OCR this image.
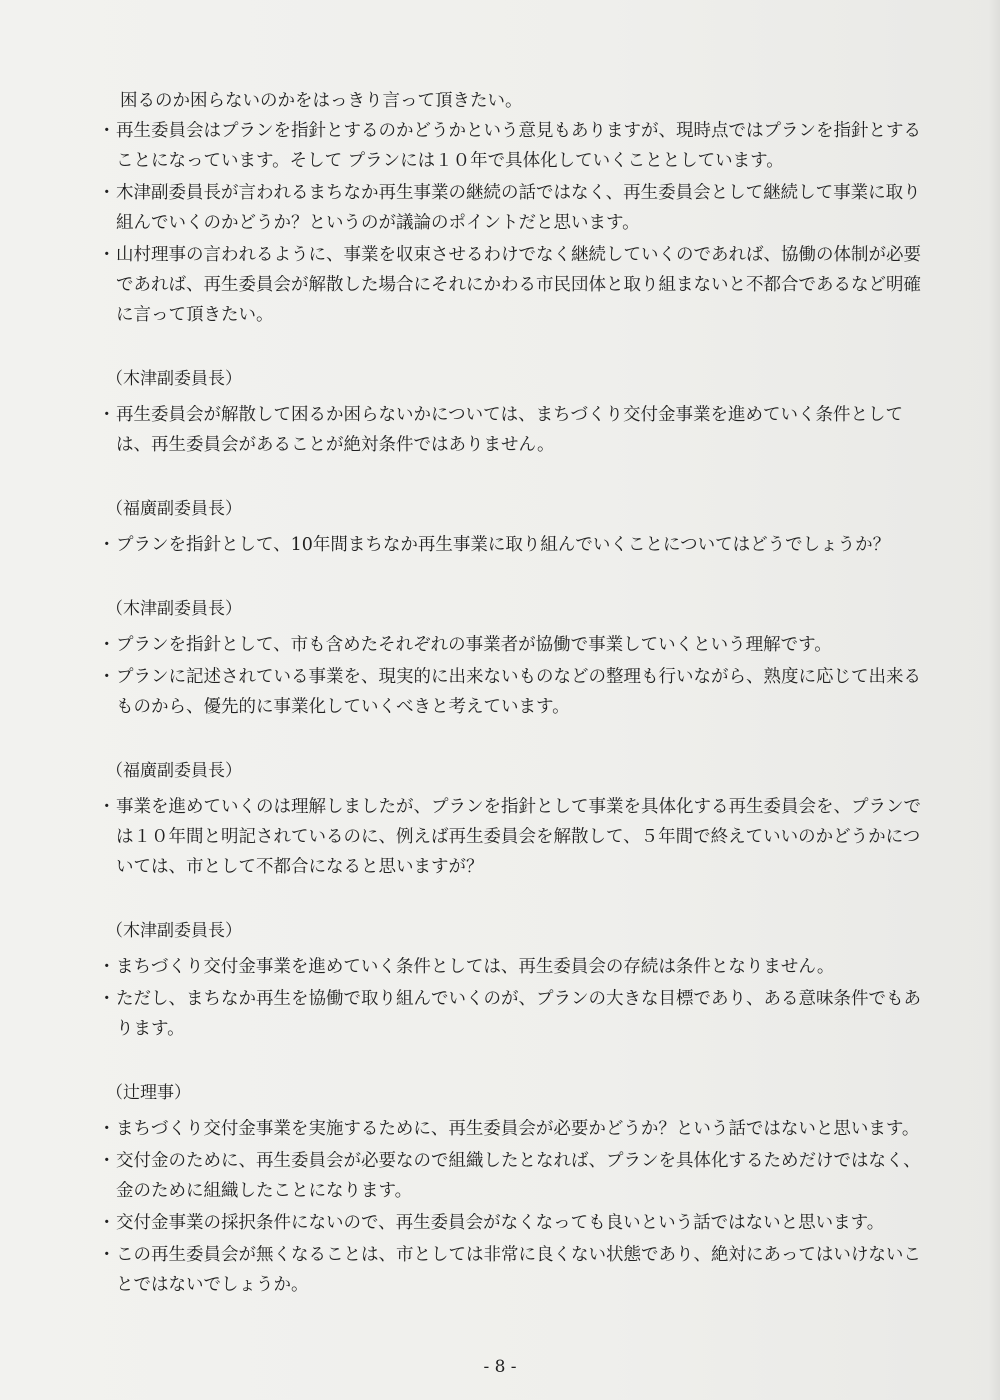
困るのか困らないのかをはっきり言って頂きたい。
・ 再生委員会はプランを指針とするのかどうかという意見もありますが、現時点ではプランを指針とすることになっています。そして プランには１０年で具体化していくこととしています。
・ 木津副委員長が言われるまちなか再生事業の継続の話ではなく、再生委員会として継続して事業に取り組んでいくのかどうか？というのが議論のポイントだと思います。
・ 山村理事の言われるように、事業を収束させるわけでなく継続していくのであれば、協働の体制が必要であれば、再生委員会が解散した場合にそれにかわる市民団体と取り組まないと不都合であるなど明確に言って頂きたい。
（木津副委員長）
・ 再生委員会が解散して困るか困らないかについては、まちづくり交付金事業を進めていく条件としては、再生委員会があることが絶対条件ではありません。
（福廣副委員長）
・ プランを指針として、10年間まちなか再生事業に取り組んでいくことについてはどうでしょうか？
（木津副委員長）
・ プランを指針として、市も含めたそれぞれの事業者が協働で事業していくという理解です。
・ プランに記述されている事業を、現実的に出来ないものなどの整理も行いながら、熟度に応じて出来るものから、優先的に事業化していくべきと考えています。
（福廣副委員長）
・ 事業を進めていくのは理解しましたが、プランを指針として事業を具体化する再生委員会を、プランでは１０年間と明記されているのに、例えば再生委員会を解散して、５年間で終えていいのかどうかについては、市として不都合になると思いますが？
（木津副委員長）
・ まちづくり交付金事業を進めていく条件としては、再生委員会の存続は条件となりません。
・ ただし、まちなか再生を協働で取り組んでいくのが、プランの大きな目標であり、ある意味条件でもあります。
（辻理事）
・ まちづくり交付金事業を実施するために、再生委員会が必要かどうか？という話ではないと思います。
・ 交付金のために、再生委員会が必要なので組織したとなれば、プランを具体化するためだけではなく、金のために組織したことになります。
・ 交付金事業の採択条件にないので、再生委員会がなくなっても良いという話ではないと思います。
・ この再生委員会が無くなることは、市としては非常に良くない状態であり、絶対にあってはいけないことではないでしょうか。
- 8 -
